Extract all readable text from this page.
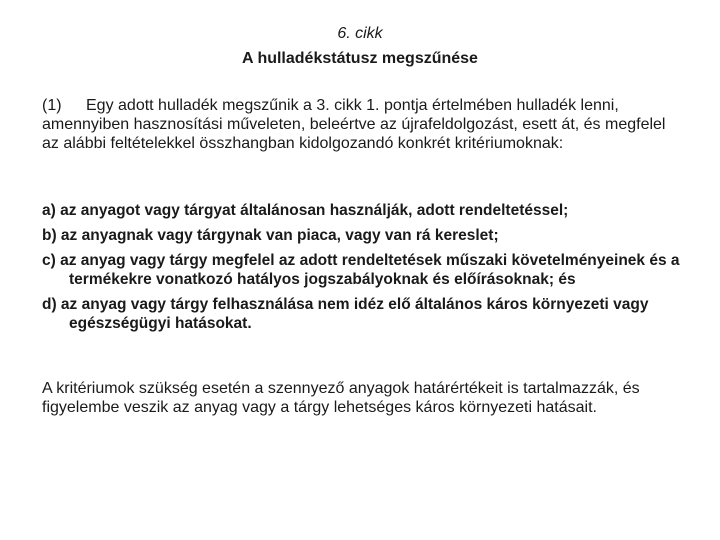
6. cikk
A hulladékstátusz megszűnése

(1) Egy adott hulladék megszűnik a 3. cikk 1. pontja értelmében hulladék lenni, amennyiben hasznosítási műveleten, beleértve az újrafeldolgozást, esett át, és megfelel az alábbi feltételekkel összhangban kidolgozandó konkrét kritériumoknak:

a) az anyagot vagy tárgyat általánosan használják, adott rendeltetéssel;
b) az anyagnak vagy tárgynak van piaca, vagy van rá kereslet;
c) az anyag vagy tárgy megfelel az adott rendeltetések műszaki követelményeinek és a termékekre vonatkozó hatályos jogszabályoknak és előírásoknak; és
d) az anyag vagy tárgy felhasználása nem idéz elő általános káros környezeti vagy egészségügyi hatásokat.

A kritériumok szükség esetén a szennyező anyagok határértékeit is tartalmazzák, és figyelembe veszik az anyag vagy a tárgy lehetséges káros környezeti hatásait.
